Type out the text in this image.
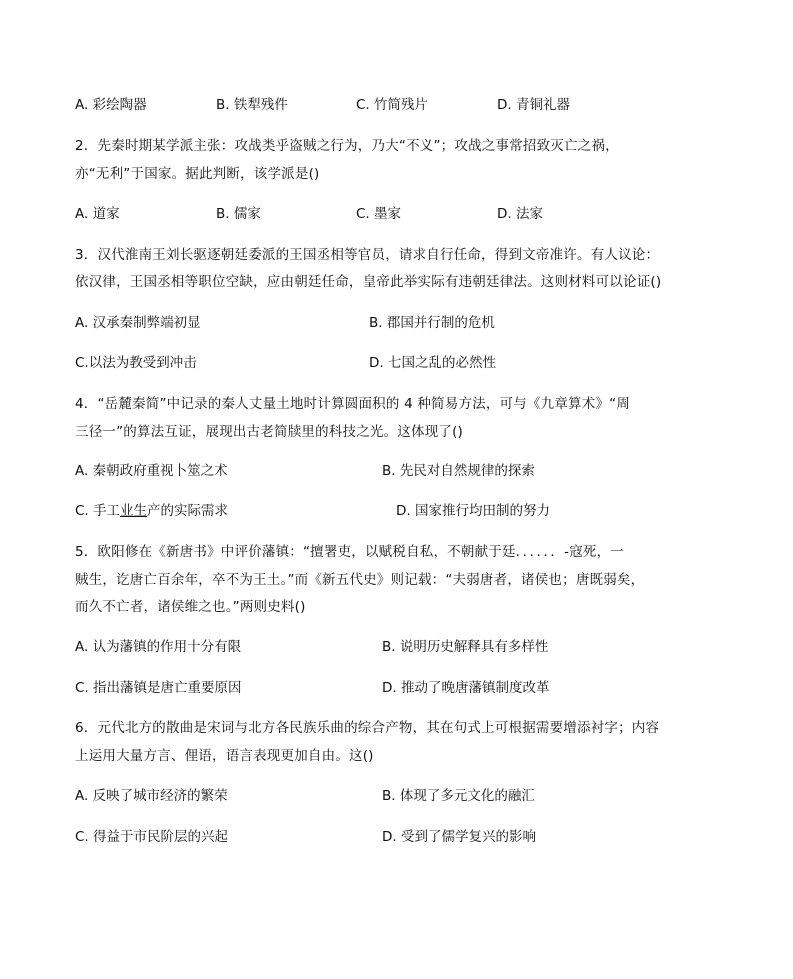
A. 彩绘陶器	B. 铁犁残件	C. 竹简残片	D. 青铜礼器
2．先秦时期某学派主张：攻战类乎盗贼之行为，乃大“不义”；攻战之事常招致灭亡之祸，
亦“无利”于国家。据此判断，该学派是()
A. 道家	B. 儒家	C. 墨家	D. 法家
3．汉代淮南王刘长驱逐朝廷委派的王国丞相等官员，请求自行任命，得到文帝准许。有人议论：
依汉律，王国丞相等职位空缺，应由朝廷任命，皇帝此举实际有违朝廷律法。这则材料可以论证()
A. 汉承秦制弊端初显	B. 郡国并行制的危机
C.以法为教受到冲击	D. 七国之乱的必然性
4．“岳麓秦简”中记录的秦人丈量土地时计算圆面积的 4 种简易方法，可与《九章算术》“周
三径一”的算法互证，展现出古老简牍里的科技之光。这体现了()
A. 秦朝政府重视卜筮之术	B. 先民对自然规律的探索
C. 手工业生产的实际需求	D. 国家推行均田制的努力
5．欧阳修在《新唐书》中评价藩镇：“擅署吏，以赋税自私，不朝献于廷．．．．．．-寇死，一
贼生，讫唐亡百余年，卒不为王土。”而《新五代史》则记载：“夫弱唐者，诸侯也；唐既弱矣，
而久不亡者，诸侯维之也。”两则史料()
A. 认为藩镇的作用十分有限	B. 说明历史解释具有多样性
C. 指出藩镇是唐亡重要原因	D. 推动了晚唐藩镇制度改革
6．元代北方的散曲是宋词与北方各民族乐曲的综合产物，其在句式上可根据需要增添衬字；内容
上运用大量方言、俚语，语言表现更加自由。这()
A. 反映了城市经济的繁荣	B. 体现了多元文化的融汇
C. 得益于市民阶层的兴起	D. 受到了儒学复兴的影响
